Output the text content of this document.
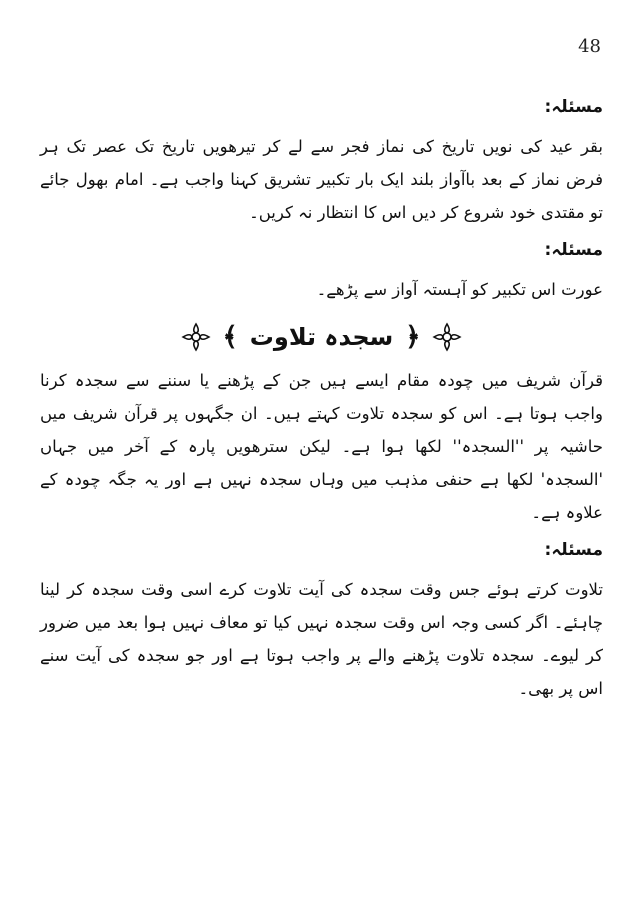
48
مسئلہ:

بقر عید کی نویں تاریخ کی نماز فجر سے لے کر تیرھویں تاریخ تک عصر تک ہر فرض نماز کے بعد باآواز بلند ایک بار تکبیر تشریق کہنا واجب ہے۔ امام بھول جائے تو مقتدی خود شروع کر دیں اس کا انتظار نہ کریں۔

مسئلہ:

عورت اس تکبیر کو آہستہ آواز سے پڑھے۔

﴿
سجدہ تلاوت
﴾

قرآن شریف میں چودہ مقام ایسے ہیں جن کے پڑھنے یا سننے سے سجدہ کرنا واجب ہوتا ہے۔ اس کو سجدہ تلاوت کہتے ہیں۔ ان جگہوں پر قرآن شریف میں حاشیہ پر ''السجدہ'' لکھا ہوا ہے۔ لیکن سترھویں پارہ کے آخر میں جہاں 'السجدہ' لکھا ہے حنفی مذہب میں وہاں سجدہ نہیں ہے اور یہ جگہ چودہ کے علاوہ ہے۔

مسئلہ:

تلاوت کرتے ہوئے جس وقت سجدہ کی آیت تلاوت کرے اسی وقت سجدہ کر لینا چاہئے۔ اگر کسی وجہ اس وقت سجدہ نہیں کیا تو معاف نہیں ہوا بعد میں ضرور کر لیوے۔ سجدہ تلاوت پڑھنے والے پر واجب ہوتا ہے اور جو سجدہ کی آیت سنے اس پر بھی۔
